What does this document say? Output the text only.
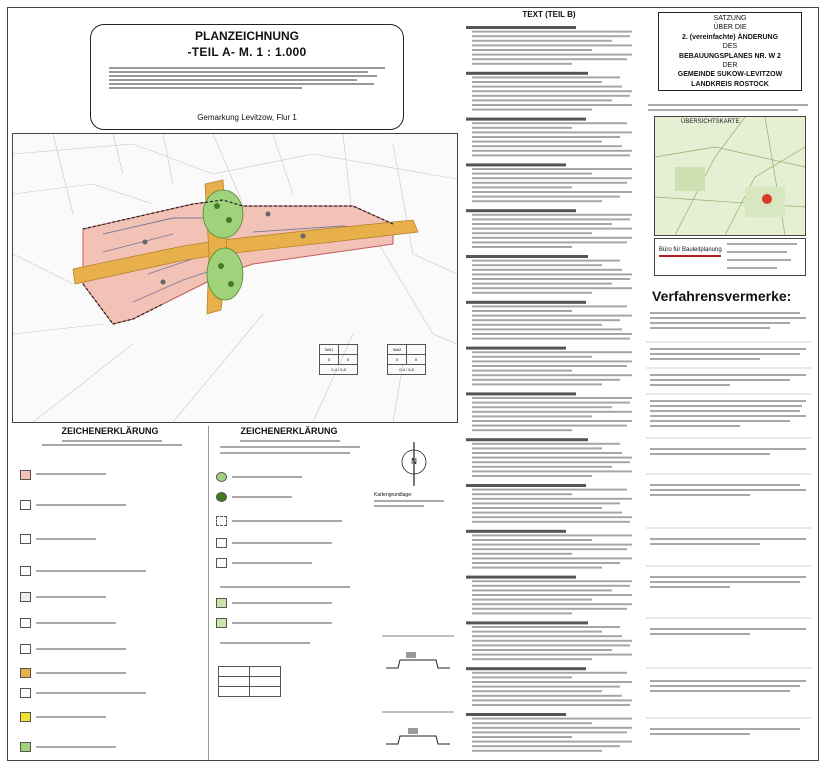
PLANZEICHNUNG
-TEIL A- M. 1 : 1.000
Gemarkung Levitzow, Flur 1
WA1	
0	II
0,4 / 0,8	
WA2	
0	II
0,4 / 0,8	
ZEICHENERKLÄRUNG	ZEICHENERKLÄRUNG

N
Kartengrundlage:
TEXT (TEIL B)	SATZUNG
ÜBER DIE
2. (vereinfachte) ÄNDERUNG
DES
BEBAUUNGSPLANES NR. W 2
DER
GEMEINDE SUKOW-LEVITZOW
LANDKREIS ROSTOCK
ÜBERSICHTSKARTE
Büro für Bauleitplanung
Verfahrensvermerke:
